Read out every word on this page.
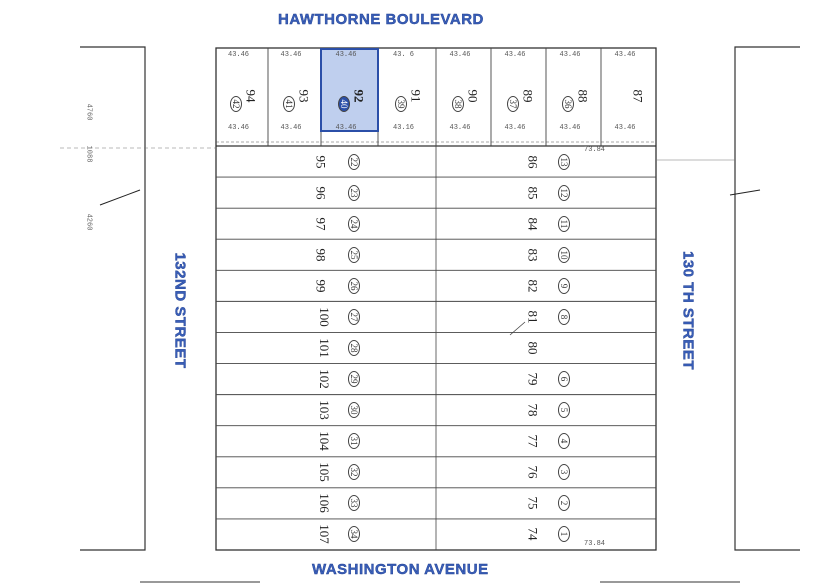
HAWTHORNE BOULEVARD
WASHINGTON AVENUE
132ND STREET	130 TH STREET
94
42
43.46
43.46
93
41
43.46
43.46
92
40
43.46
43.46
91
39
43. 6
43.16
90
38
43.46
43.46
89
37
43.46
43.46
88
36
43.46
43.46
87
43.46
43.46
95 22
96 23
97 24
98 25
99 26
100 27
101 28
102 29
103 30
104 31
105 32
106 33
107 34
86 13
85 12
84 11
83 10
82 9
81 8
80
79 6
78 5
77 4
76 3
75 2
74 1
4760
1088
4260
73.84
73.84
